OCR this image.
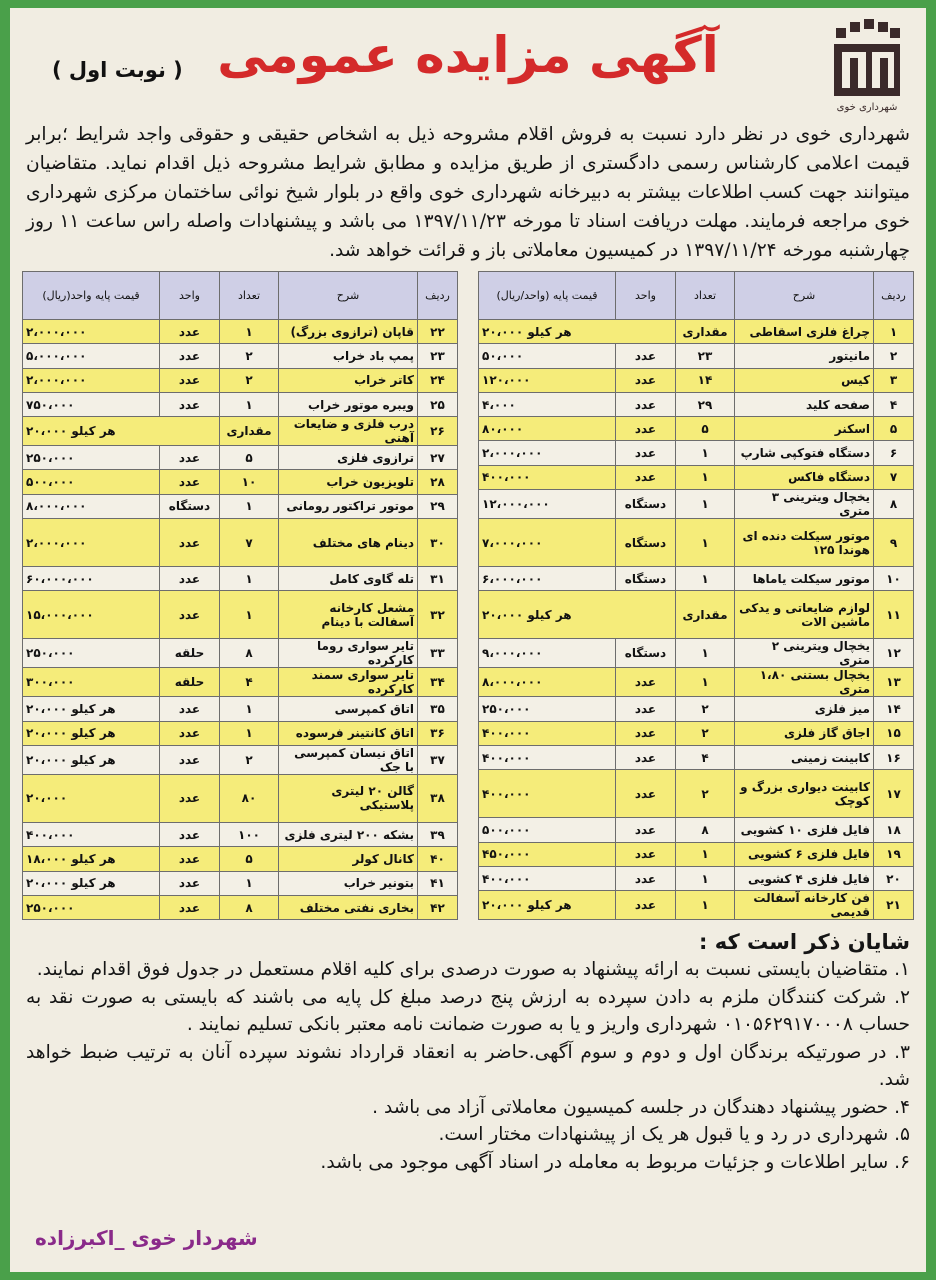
شهرداری خوی
آگهی مزایده عمومی
( نوبت اول )
شهرداری خوی در نظر دارد نسبت به فروش اقلام مشروحه ذیل به اشخاص حقیقی و حقوقی واجد شرایط ؛برابر قیمت اعلامی کارشناس رسمی دادگستری از طریق مزایده و مطابق شرایط مشروحه ذیل اقدام نماید. متقاضیان میتوانند جهت کسب اطلاعات بیشتر به دبیرخانه شهرداری خوی واقع در بلوار شیخ نوائی ساختمان مرکزی شهرداری خوی مراجعه فرمایند. مهلت دریافت اسناد تا مورخه ۱۳۹۷/۱۱/۲۳ می باشد و پیشنهادات واصله راس ساعت ۱۱ روز چهارشنبه مورخه ۱۳۹۷/۱۱/۲۴ در کمیسیون معاملاتی باز و قرائت خواهد شد.
ردیف	شرح	تعداد	واحد	قیمت پایه (واحد/ریال)
۱	چراغ فلزی اسقاطی	مقداری	هر کیلو ۲۰،۰۰۰	
۲	مانیتور	۲۳	عدد	۵۰،۰۰۰
۳	کیس	۱۴	عدد	۱۲۰،۰۰۰
۴	صفحه کلید	۲۹	عدد	۴،۰۰۰
۵	اسکنر	۵	عدد	۸۰،۰۰۰
۶	دستگاه فتوکپی شارپ	۱	عدد	۲،۰۰۰،۰۰۰
۷	دستگاه فاکس	۱	عدد	۴۰۰،۰۰۰
۸	یخچال ویترینی ۳ متری	۱	دستگاه	۱۲،۰۰۰،۰۰۰
۹	موتور سیکلت دنده ای هوندا ۱۲۵	۱	دستگاه	۷،۰۰۰،۰۰۰
۱۰	موتور سیکلت یاماها	۱	دستگاه	۶،۰۰۰،۰۰۰
۱۱	لوازم ضایعاتی و یدکی ماشین الات	مقداری	هر کیلو ۲۰،۰۰۰	
۱۲	یخچال ویترینی ۲ متری	۱	دستگاه	۹،۰۰۰،۰۰۰
۱۳	یخچال بستنی ۱،۸۰ متری	۱	عدد	۸،۰۰۰،۰۰۰
۱۴	میز فلزی	۲	عدد	۲۵۰،۰۰۰
۱۵	اجاق گاز فلزی	۲	عدد	۴۰۰،۰۰۰
۱۶	کابینت زمینی	۴	عدد	۴۰۰،۰۰۰
۱۷	کابینت دیواری بزرگ و کوچک	۲	عدد	۴۰۰،۰۰۰
۱۸	فایل فلزی ۱۰ کشویی	۸	عدد	۵۰۰،۰۰۰
۱۹	فایل فلزی ۶ کشویی	۱	عدد	۴۵۰،۰۰۰
۲۰	فایل فلزی ۴ کشویی	۱	عدد	۴۰۰،۰۰۰
۲۱	فن کارخانه آسفالت قدیمی	۱	عدد	هر کیلو ۲۰،۰۰۰
ردیف	شرح	تعداد	واحد	قیمت پایه واحد(ریال)
۲۲	قاپان (ترازوی بزرگ)	۱	عدد	۲،۰۰۰،۰۰۰
۲۳	پمپ باد خراب	۲	عدد	۵،۰۰۰،۰۰۰
۲۴	کاتر خراب	۲	عدد	۲،۰۰۰،۰۰۰
۲۵	ویبره موتور خراب	۱	عدد	۷۵۰،۰۰۰
۲۶	درب فلزی و ضایعات آهنی	مقداری	هر کیلو ۲۰،۰۰۰	
۲۷	ترازوی فلزی	۵	عدد	۲۵۰،۰۰۰
۲۸	تلویزیون خراب	۱۰	عدد	۵۰۰،۰۰۰
۲۹	موتور تراکتور رومانی	۱	دستگاه	۸،۰۰۰،۰۰۰
۳۰	دینام های مختلف	۷	عدد	۲،۰۰۰،۰۰۰
۳۱	تله گاوی کامل	۱	عدد	۶۰،۰۰۰،۰۰۰
۳۲	مشعل کارخانه آسفالت با دینام	۱	عدد	۱۵،۰۰۰،۰۰۰
۳۳	تایر سواری روما کارکرده	۸	حلقه	۲۵۰،۰۰۰
۳۴	تایر سواری سمند کارکرده	۴	حلقه	۳۰۰،۰۰۰
۳۵	اتاق کمپرسی	۱	عدد	هر کیلو ۲۰،۰۰۰
۳۶	اتاق کانتینر فرسوده	۱	عدد	هر کیلو ۲۰،۰۰۰
۳۷	اتاق نیسان کمپرسی با جک	۲	عدد	هر کیلو ۲۰،۰۰۰
۳۸	گالن ۲۰ لیتری پلاستیکی	۸۰	عدد	۲۰،۰۰۰
۳۹	بشکه ۲۰۰ لیتری فلزی	۱۰۰	عدد	۴۰۰،۰۰۰
۴۰	کانال کولر	۵	عدد	هر کیلو ۱۸،۰۰۰
۴۱	بتونیر خراب	۱	عدد	هر کیلو ۲۰،۰۰۰
۴۲	بخاری نفتی مختلف	۸	عدد	۲۵۰،۰۰۰
شایان ذکر است که :

۱. متقاضیان بایستی نسبت به ارائه پیشنهاد به صورت درصدی برای کلیه اقلام مستعمل در جدول فوق اقدام نمایند.

۲. شرکت کنندگان ملزم به دادن سپرده به ارزش پنج درصد مبلغ کل پایه می باشند که بایستی به صورت نقد به حساب ۰۱۰۵۶۲۹۱۷۰۰۰۸ شهرداری واریز و یا به صورت ضمانت نامه معتبر بانکی تسلیم نمایند .

۳. در صورتیکه برندگان اول و دوم و سوم آگهی.حاضر به انعقاد قرارداد نشوند سپرده آنان به ترتیب ضبط خواهد شد.

۴. حضور پیشنهاد دهندگان در جلسه کمیسیون معاملاتی آزاد می باشد .

۵. شهرداری در رد و یا قبول هر یک از پیشنهادات مختار است.

۶. سایر اطلاعات و جزئیات مربوط به معامله در اسناد آگهی موجود می باشد.

شهردار خوی _اکبرزاده
